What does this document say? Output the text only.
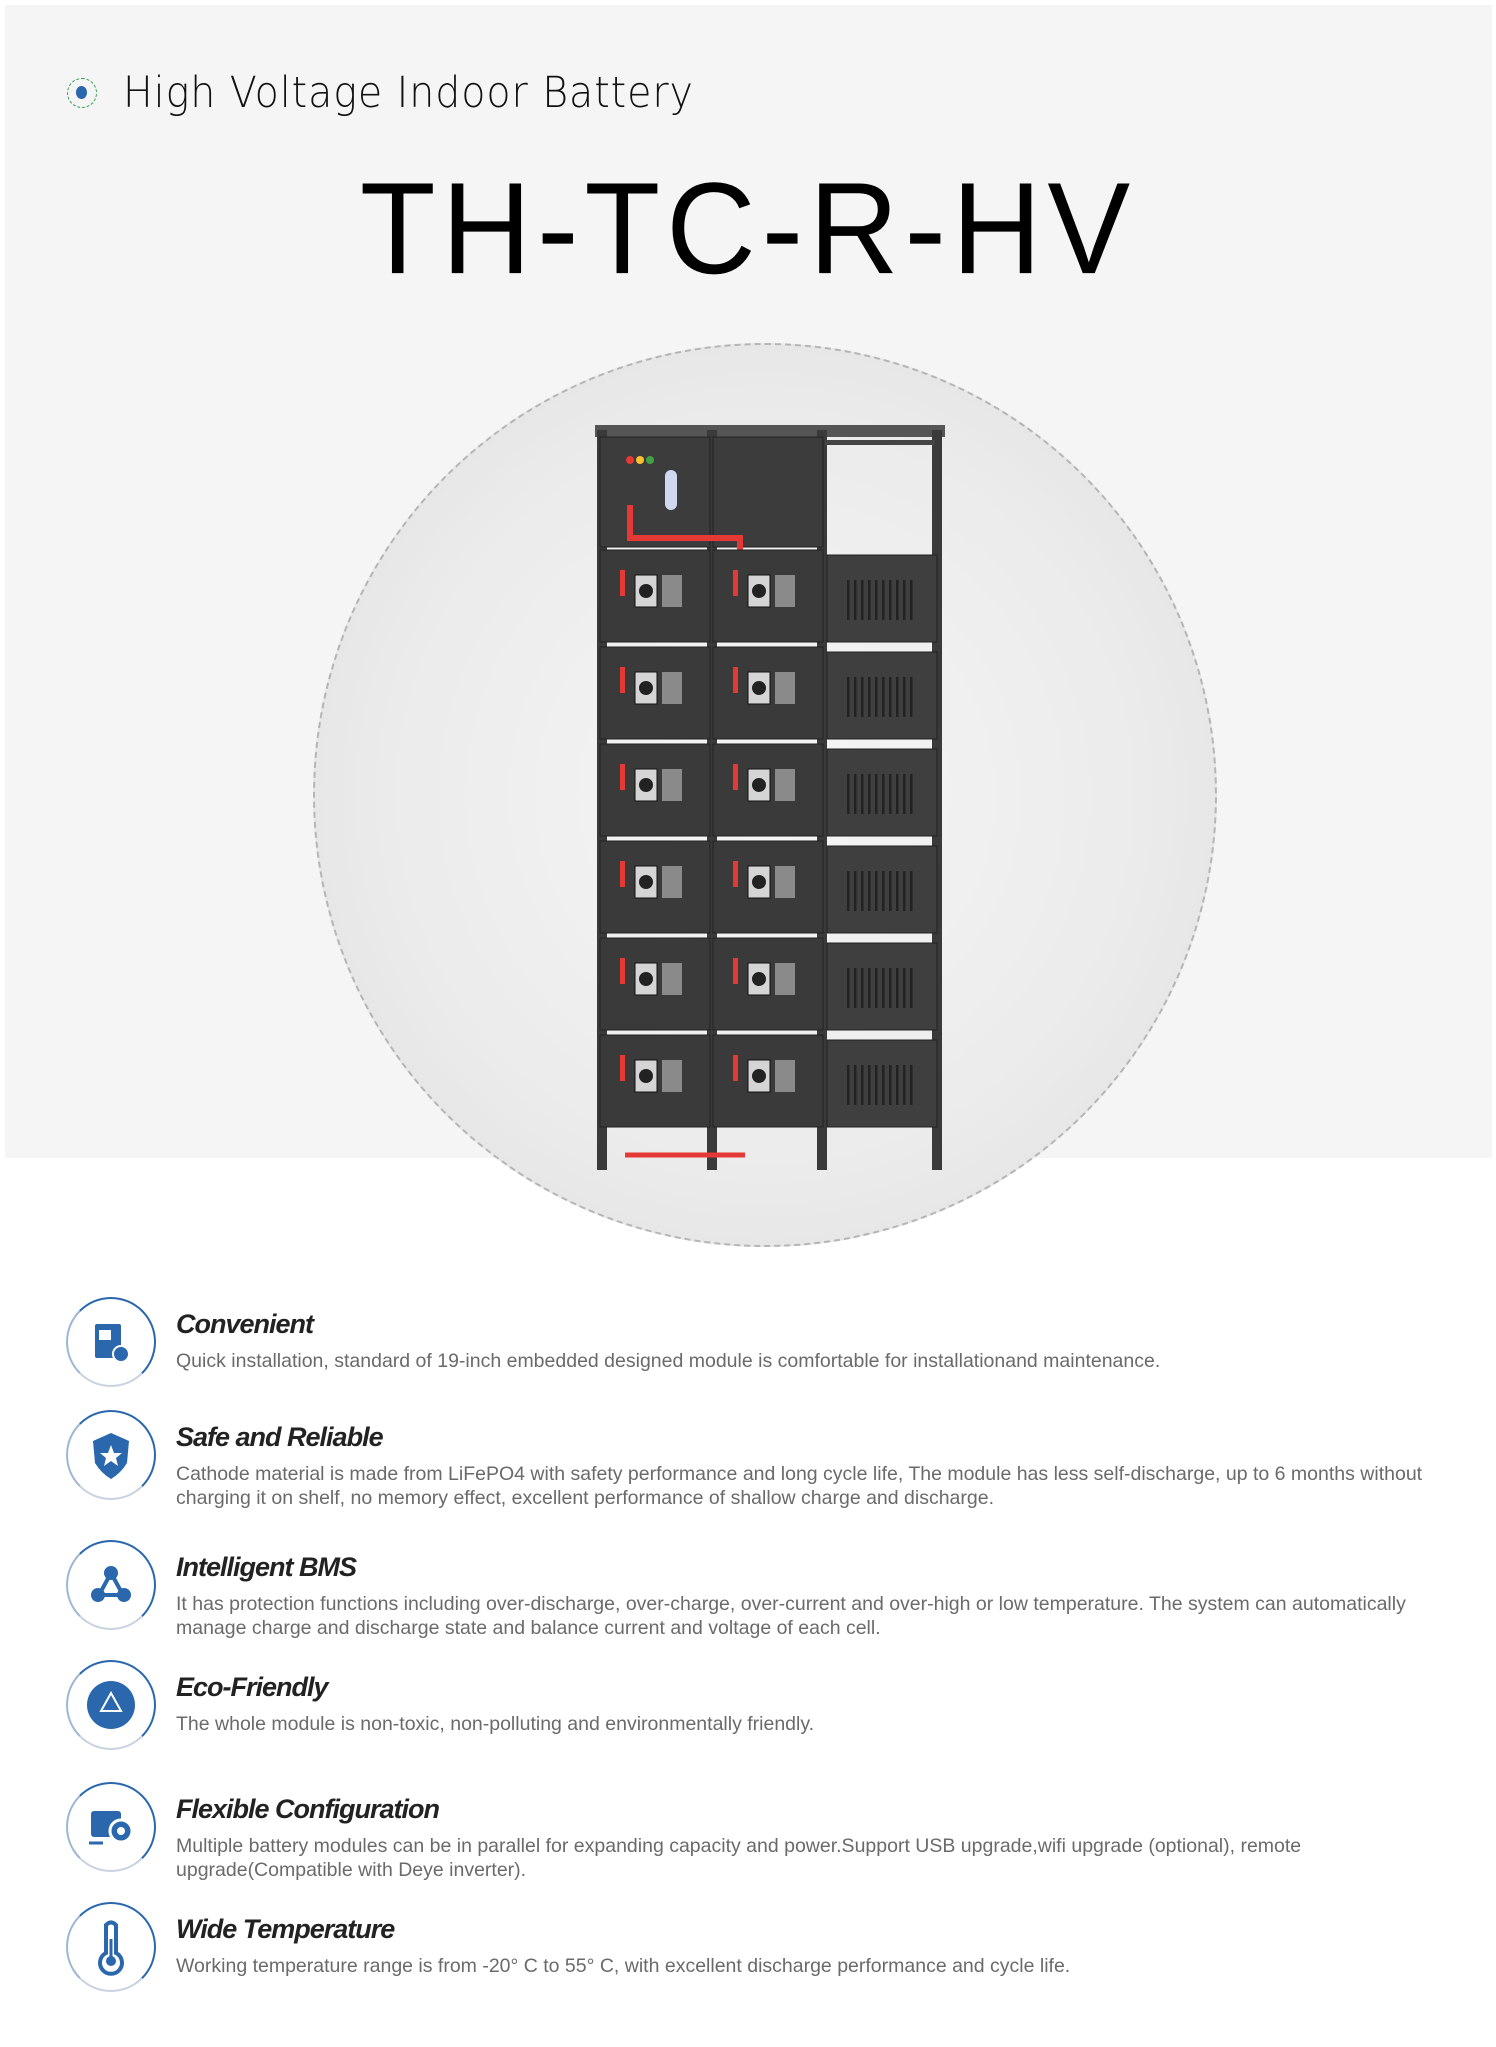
High Voltage Indoor Battery
TH-TC-R-HV
Convenient
Quick installation, standard of 19-inch embedded designed module is comfortable for installationand maintenance.
Safe and Reliable
Cathode material is made from LiFePO4 with safety performance and long cycle life, The module has less self-discharge, up to 6 months without charging it on shelf, no memory effect, excellent performance of shallow charge and discharge.
Intelligent BMS
It has protection functions including over-discharge, over-charge, over-current and over-high or low temperature. The system can automatically manage charge and discharge state and balance current and voltage of each cell.
Eco-Friendly
The whole module is non-toxic, non-polluting and environmentally friendly.
Flexible Configuration
Multiple battery modules can be in parallel for expanding capacity and power.Support USB upgrade,wifi upgrade (optional), remote upgrade(Compatible with Deye inverter).
Wide Temperature
Working temperature range is from -20° C to 55° C, with excellent discharge performance and cycle life.
